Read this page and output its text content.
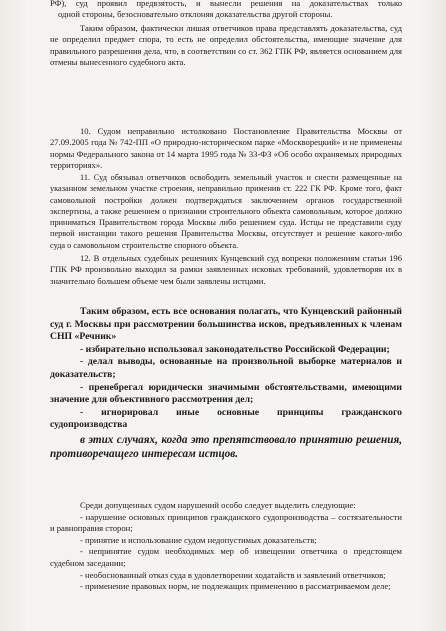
РФ), суд проявил предвзятость, и вынесли решения на доказательствах только

одной стороны, безосновательно отклоняя доказательства другой стороны.

Таким образом, фактически лишая ответчиков права представлять доказательства, суд не определил предмет спора, то есть не определил обстоятельства, имеющие значение для правильного разрешения дела, что, в соответствии со ст. 362 ГПК РФ, является основанием для отмены вынесенного судебного акта.

10. Судом неправильно истолковано Постановление Правительства Москвы от 27.09.2005 года № 742-ПП «О природно-историческом парке «Москворецкий» и не применены нормы Федерального закона от 14 марта 1995 года № 33-ФЗ «Об особо охраняемых природных территориях».

11. Суд обязывал ответчиков освободить земельный участок и снести размещенные на указанном земельном участке строения, неправильно применив ст. 222 ГК РФ. Кроме того, факт самовольной постройки должен подтверждаться заключением органов государственной экспертизы, а также решением о признании строительного объекта самовольным, которое должно приниматься Правительством города Москвы либо решением суда. Истцы не представили суду первой инстанции такого решения Правительства Москвы, отсутствует и решение какого-либо суда о самовольном строительстве спорного объекта.

12. В отдельных судебных решениях Кунцевский суд вопреки положениям статьи 196 ГПК РФ произвольно выходил за рамки заявленных исковых требований, удовлетворяя их в значительно большем объеме чем были заявлены истцами.

Таким образом, есть все основания полагать, что Кунцевский районный суд г. Москвы при рассмотрении большинства исков, предъявленных к членам СНП «Речник»

- избирательно использовал законодательство Российской Федерации;

- делал выводы, основанные на произвольной выборке материалов и доказательств;

- пренебрегал юридически значимыми обстоятельствами, имеющими значение для объективного рассмотрения дел;

- игнорировал иные основные принципы гражданского судопроизводства

в этих случаях, когда это препятствовало принятию решения, противоречащего интересам истцов.

Среди допущенных судом нарушений особо следует выделить следующие:

- нарушение основных принципов гражданского судопроизводства – состязательности и равноправия сторон;

- принятие и использование судом недопустимых доказательств;

- непринятие судом необходимых мер об извещении ответчика о предстоящем судебном заседании;

- необоснованный отказ суда в удовлетворении ходатайств и заявлений ответчиков;

- применение правовых норм, не подлежащих применению в рассматриваемом деле;
